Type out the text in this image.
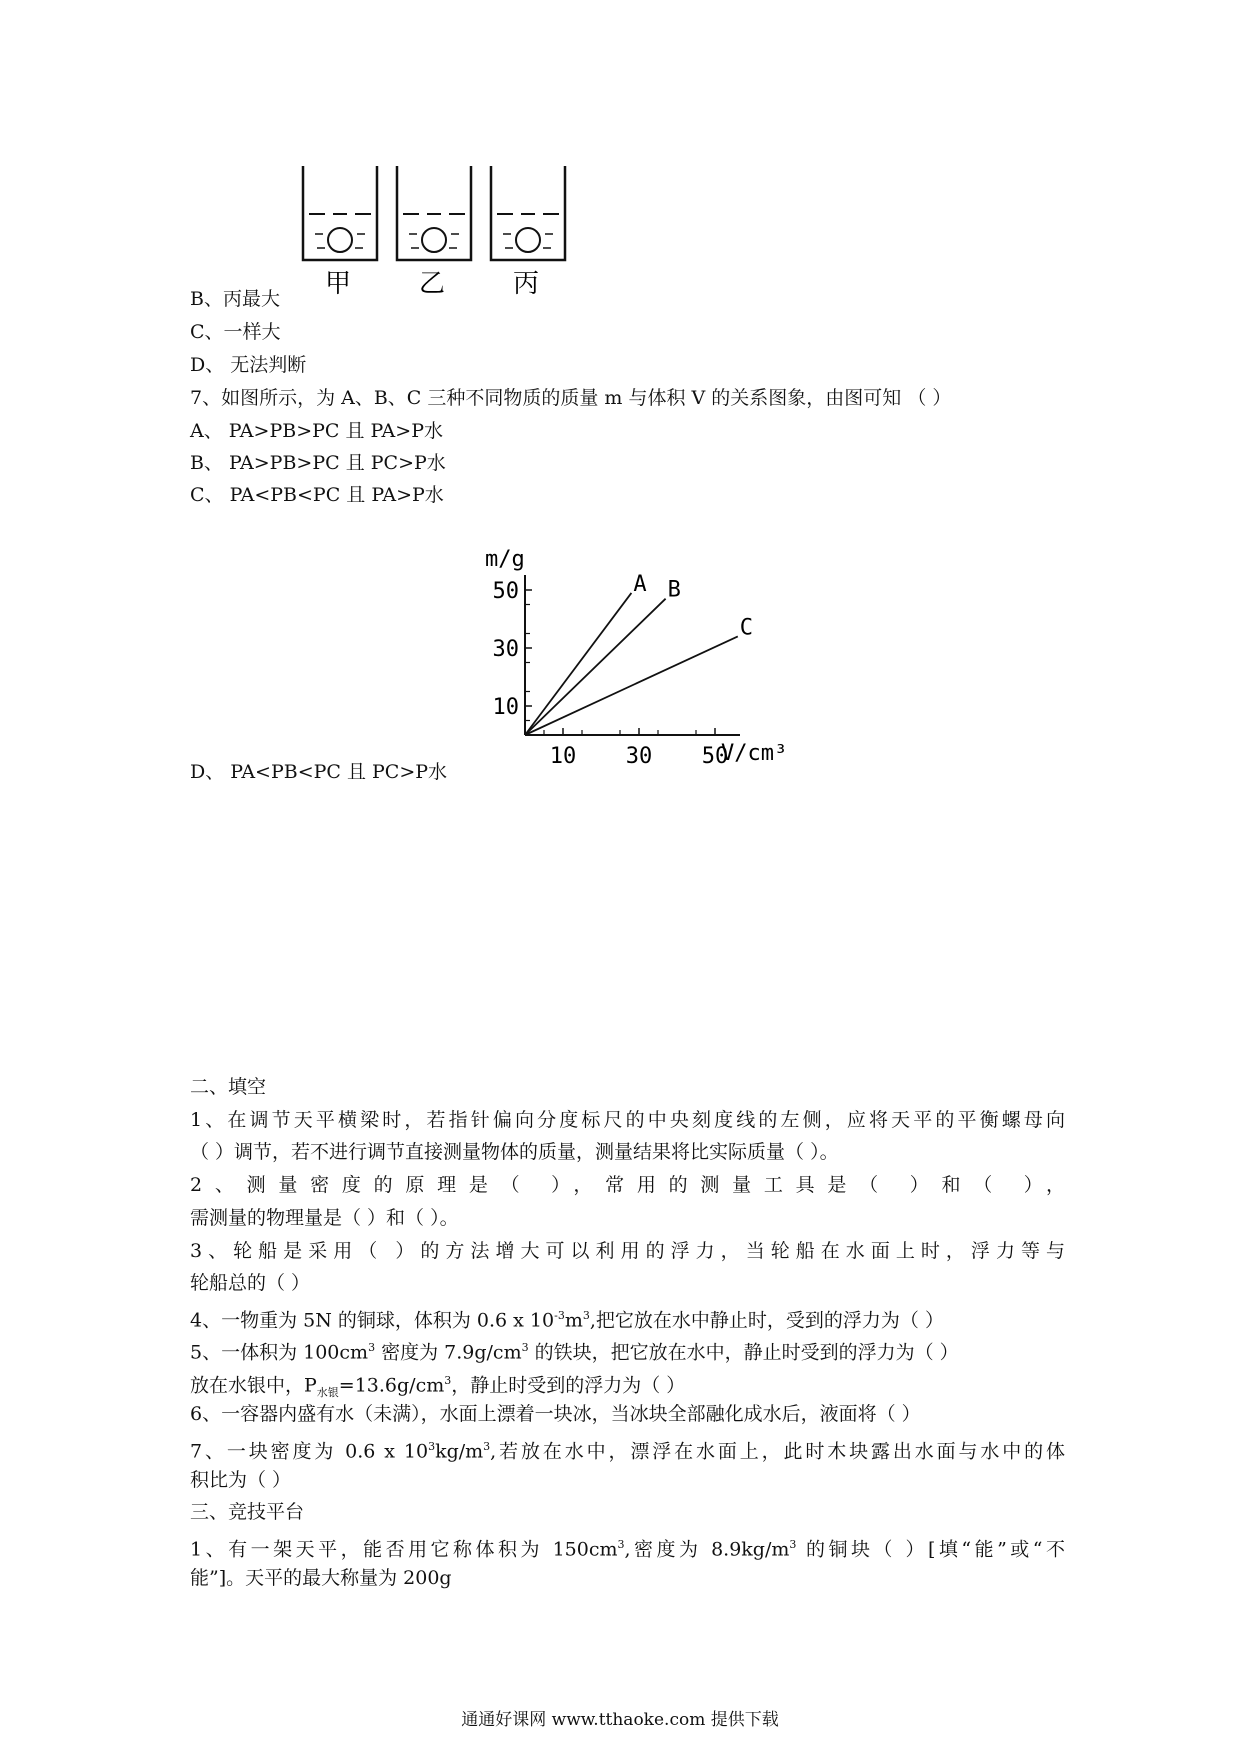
甲	乙	丙
B、丙最大
C、一样大
D、 无法判断
7、如图所示，为 A、B、C 三种不同物质的质量 m 与体积 V 的关系图象，由图可知 （ ）
A、 PA>PB>PC 且 PA>P水
B、 PA>PB>PC 且 PC>P水
C、 PA<PB<PC 且 PA>P水
10
30
50
10 30 50
A B
C
m/g
V/cm³
D、 PA<PB<PC 且 PC>P水
二、填空
1、在调节天平横梁时，若指针偏向分度标尺的中央刻度线的左侧，应将天平的平衡螺母向
（ ）调节，若不进行调节直接测量物体的质量，测量结果将比实际质量（ ）。
2、测量密度的原理是（ ），常用的测量工具是（ ）和（ ），
需测量的物理量是（ ）和（ ）。
3、轮船是采用（ ）的方法增大可以利用的浮力，当轮船在水面上时，浮力等与
轮船总的（ ）
4、一物重为 5N 的铜球，体积为 0.6 x $10^{-3}m^3$,把它放在水中静止时，受到的浮力为（ ）
5、一体积为 $100cm^3$ 密度为 $7.9g/cm^3$ 的铁块，把它放在水中，静止时受到的浮力为（ ）
放在水银中，$P_{水银}=13.6g/cm^3$，静止时受到的浮力为（ ）
6、一容器内盛有水（未满），水面上漂着一块冰，当冰块全部融化成水后，液面将（ ）
7、一块密度为 0.6 x $10^3kg/m^3$,若放在水中，漂浮在水面上，此时木块露出水面与水中的体
积比为（ ）
三、竞技平台
1、有一架天平，能否用它称体积为 $150cm^3$,密度为 $8.9kg/m^3$ 的铜块（ ）[填“能”或“不
能”]。天平的最大称量为 200g
通通好课网 www.tthaoke.com 提供下载
